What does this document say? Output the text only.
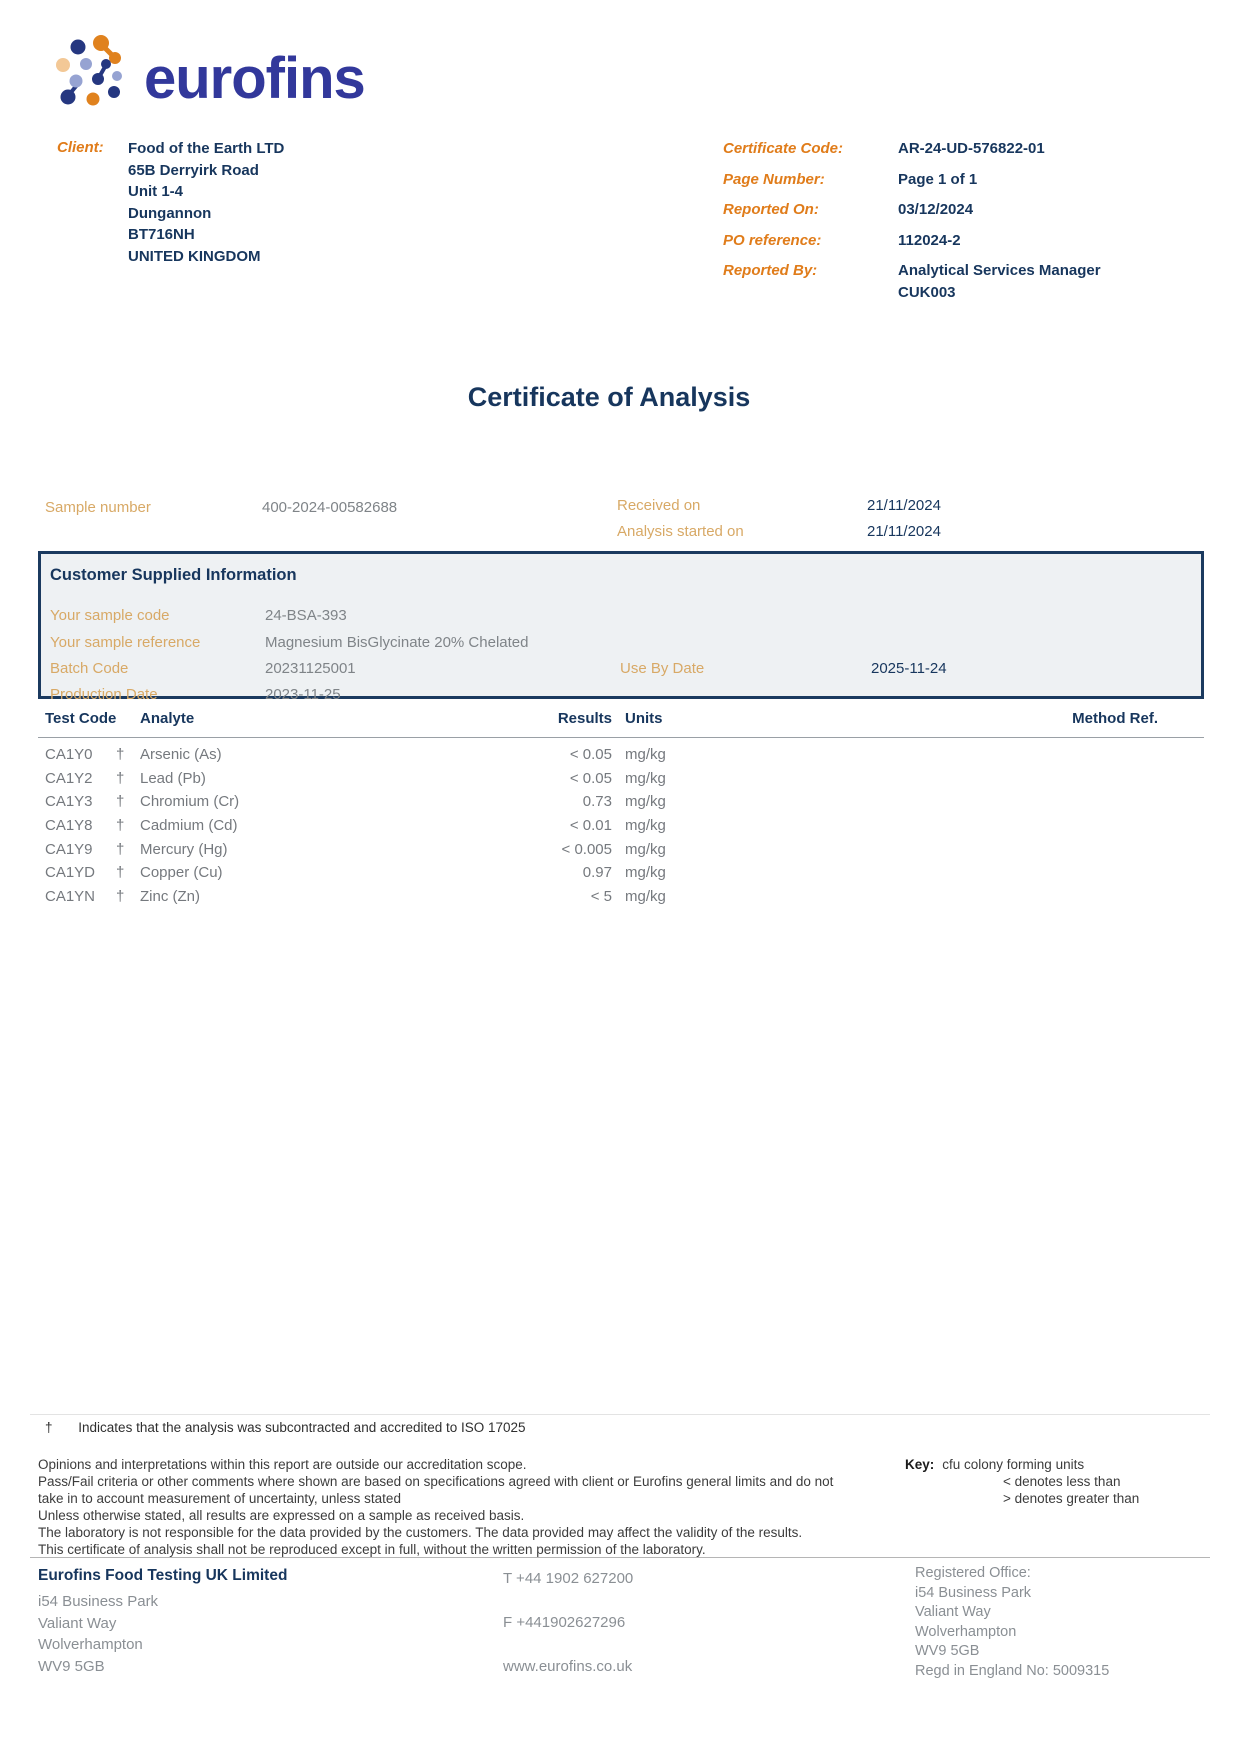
eurofins
Client: Food of the Earth LTD
65B Derryirk Road
Unit 1-4
Dungannon
BT716NH
UNITED KINGDOM
Certificate Code:	AR-24-UD-576822-01
Page Number:	Page 1 of 1
Reported On:	03/12/2024
PO reference:	112024-2
Reported By:	Analytical Services Manager
CUK003
Certificate of Analysis
Sample number	400-2024-00582688	Received on	21/11/2024
Analysis started on	21/11/2024
Customer Supplied Information
Your sample code	24-BSA-393
Your sample reference	Magnesium BisGlycinate 20% Chelated
Batch Code	20231125001	Use By Date	2025-11-24
Production Date	2023-11-25
Test Code Analyte	Results Units	Method Ref.
CA1Y0 † Arsenic (As)	< 0.05 mg/kg
CA1Y2 † Lead (Pb)	< 0.05 mg/kg
CA1Y3 † Chromium (Cr)	0.73 mg/kg
CA1Y8 † Cadmium (Cd)	< 0.01 mg/kg
CA1Y9 † Mercury (Hg)	< 0.005 mg/kg
CA1YD † Copper (Cu)	0.97 mg/kg
CA1YN † Zinc (Zn)	< 5 mg/kg
† Indicates that the analysis was subcontracted and accredited to ISO 17025
Opinions and interpretations within this report are outside our accreditation scope.
Pass/Fail criteria or other comments where shown are based on specifications agreed with client or Eurofins general limits and do not
take in to account measurement of uncertainty, unless stated
Unless otherwise stated, all results are expressed on a sample as received basis.
The laboratory is not responsible for the data provided by the customers. The data provided may affect the validity of the results.
This certificate of analysis shall not be reproduced except in full, without the written permission of the laboratory.
Key: cfu colony forming units
< denotes less than
> denotes greater than
Eurofins Food Testing UK Limited
i54 Business Park
Valiant Way
Wolverhampton
WV9 5GB
T +44 1902 627200
F +441902627296
www.eurofins.co.uk
Registered Office:
i54 Business Park
Valiant Way
Wolverhampton
WV9 5GB
Regd in England No: 5009315
